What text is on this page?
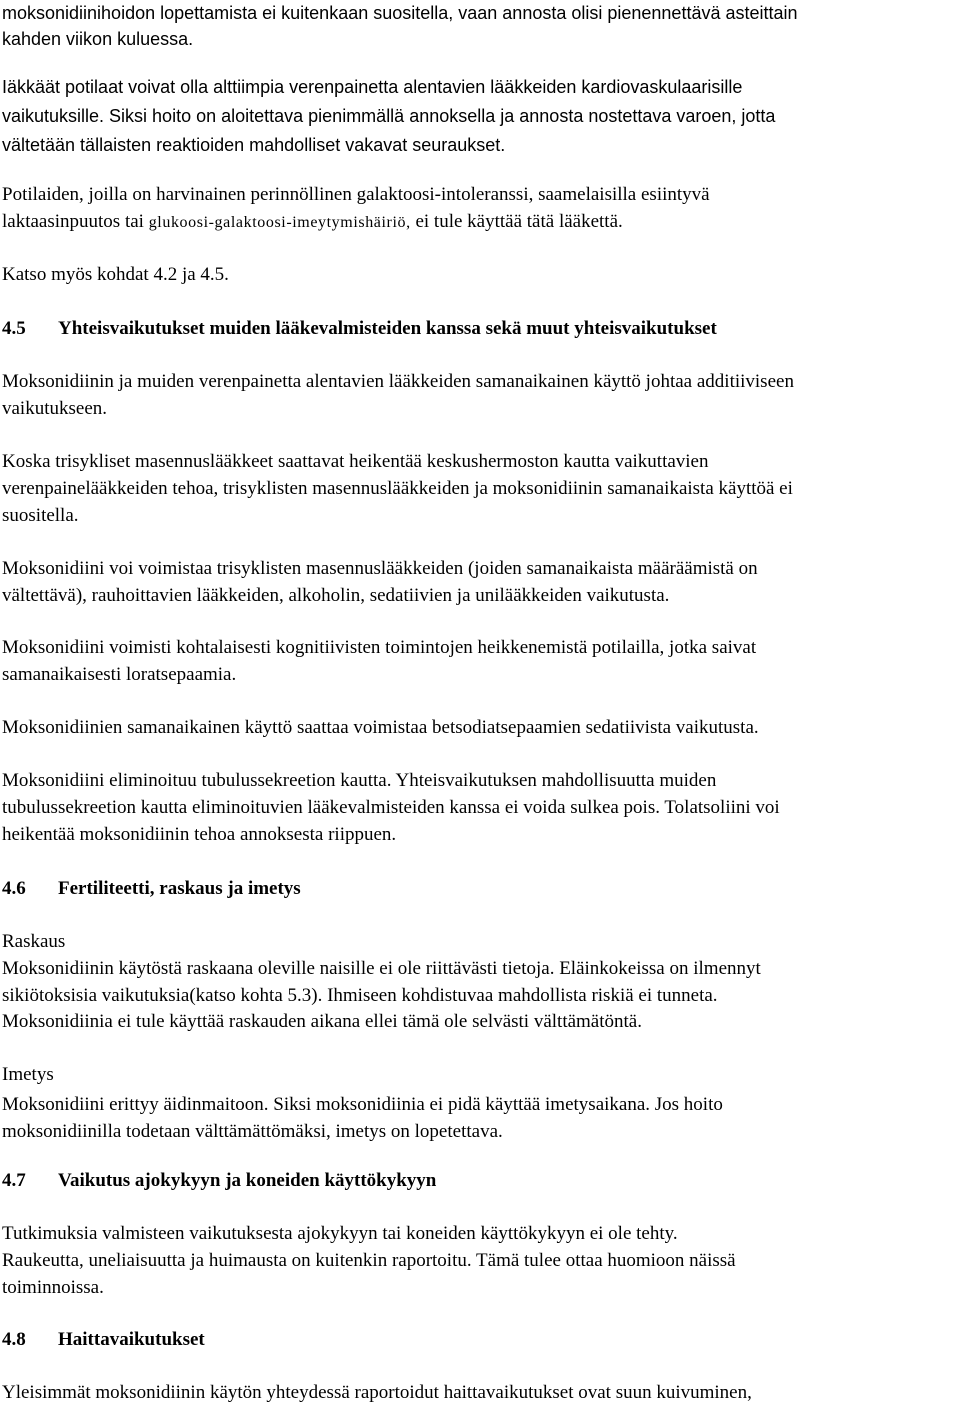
moksonidiinihoidon lopettamista ei kuitenkaan suositella, vaan annosta olisi pienennettävä asteittain
kahden viikon kuluessa.
Iäkkäät potilaat voivat olla alttiimpia verenpainetta alentavien lääkkeiden kardiovaskulaarisille
vaikutuksille. Siksi hoito on aloitettava pienimmällä annoksella ja annosta nostettava varoen, jotta
vältetään tällaisten reaktioiden mahdolliset vakavat seuraukset.
Potilaiden, joilla on harvinainen perinnöllinen galaktoosi-intoleranssi, saamelaisilla esiintyvä
laktaasinpuutos tai glukoosi-galaktoosi-imeytymishäiriö, ei tule käyttää tätä lääkettä.
Katso myös kohdat 4.2 ja 4.5.
4.5 Yhteisvaikutukset muiden lääkevalmisteiden kanssa sekä muut yhteisvaikutukset
Moksonidiinin ja muiden verenpainetta alentavien lääkkeiden samanaikainen käyttö johtaa additiiviseen
vaikutukseen.
Koska trisykliset masennuslääkkeet saattavat heikentää keskushermoston kautta vaikuttavien
verenpainelääkkeiden tehoa, trisyklisten masennuslääkkeiden ja moksonidiinin samanaikaista käyttöä ei
suositella.
Moksonidiini voi voimistaa trisyklisten masennuslääkkeiden (joiden samanaikaista määräämistä on
vältettävä), rauhoittavien lääkkeiden, alkoholin, sedatiivien ja unilääkkeiden vaikutusta.
Moksonidiini voimisti kohtalaisesti kognitiivisten toimintojen heikkenemistä potilailla, jotka saivat
samanaikaisesti loratsepaamia.
Moksonidiinien samanaikainen käyttö saattaa voimistaa betsodiatsepaamien sedatiivista vaikutusta.
Moksonidiini eliminoituu tubulussekreetion kautta. Yhteisvaikutuksen mahdollisuutta muiden
tubulussekreetion kautta eliminoituvien lääkevalmisteiden kanssa ei voida sulkea pois. Tolatsoliini voi
heikentää moksonidiinin tehoa annoksesta riippuen.
4.6 Fertiliteetti, raskaus ja imetys
Raskaus
Moksonidiinin käytöstä raskaana oleville naisille ei ole riittävästi tietoja. Eläinkokeissa on ilmennyt
sikiötoksisia vaikutuksia(katso kohta 5.3). Ihmiseen kohdistuvaa mahdollista riskiä ei tunneta.
Moksonidiinia ei tule käyttää raskauden aikana ellei tämä ole selvästi välttämätöntä.
Imetys
Moksonidiini erittyy äidinmaitoon. Siksi moksonidiinia ei pidä käyttää imetysaikana. Jos hoito
moksonidiinilla todetaan välttämättömäksi, imetys on lopetettava.
4.7 Vaikutus ajokykyyn ja koneiden käyttökykyyn
Tutkimuksia valmisteen vaikutuksesta ajokykyyn tai koneiden käyttökykyyn ei ole tehty.
Raukeutta, uneliaisuutta ja huimausta on kuitenkin raportoitu. Tämä tulee ottaa huomioon näissä
toiminnoissa.
4.8 Haittavaikutukset
Yleisimmät moksonidiinin käytön yhteydessä raportoidut haittavaikutukset ovat suun kuivuminen,
